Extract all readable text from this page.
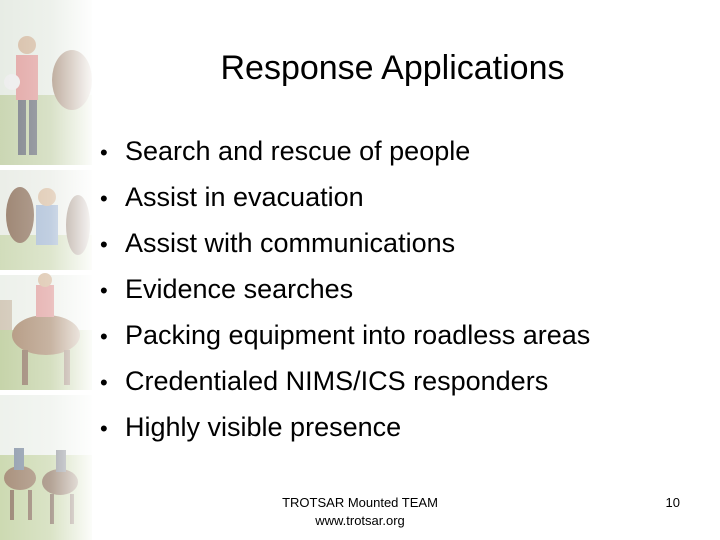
Response Applications
• Search and rescue of people
• Assist in evacuation
• Assist with communications
• Evidence searches
• Packing equipment into roadless areas
• Credentialed NIMS/ICS responders
• Highly visible presence
TROTSAR Mounted TEAM
www.trotsar.org
10
